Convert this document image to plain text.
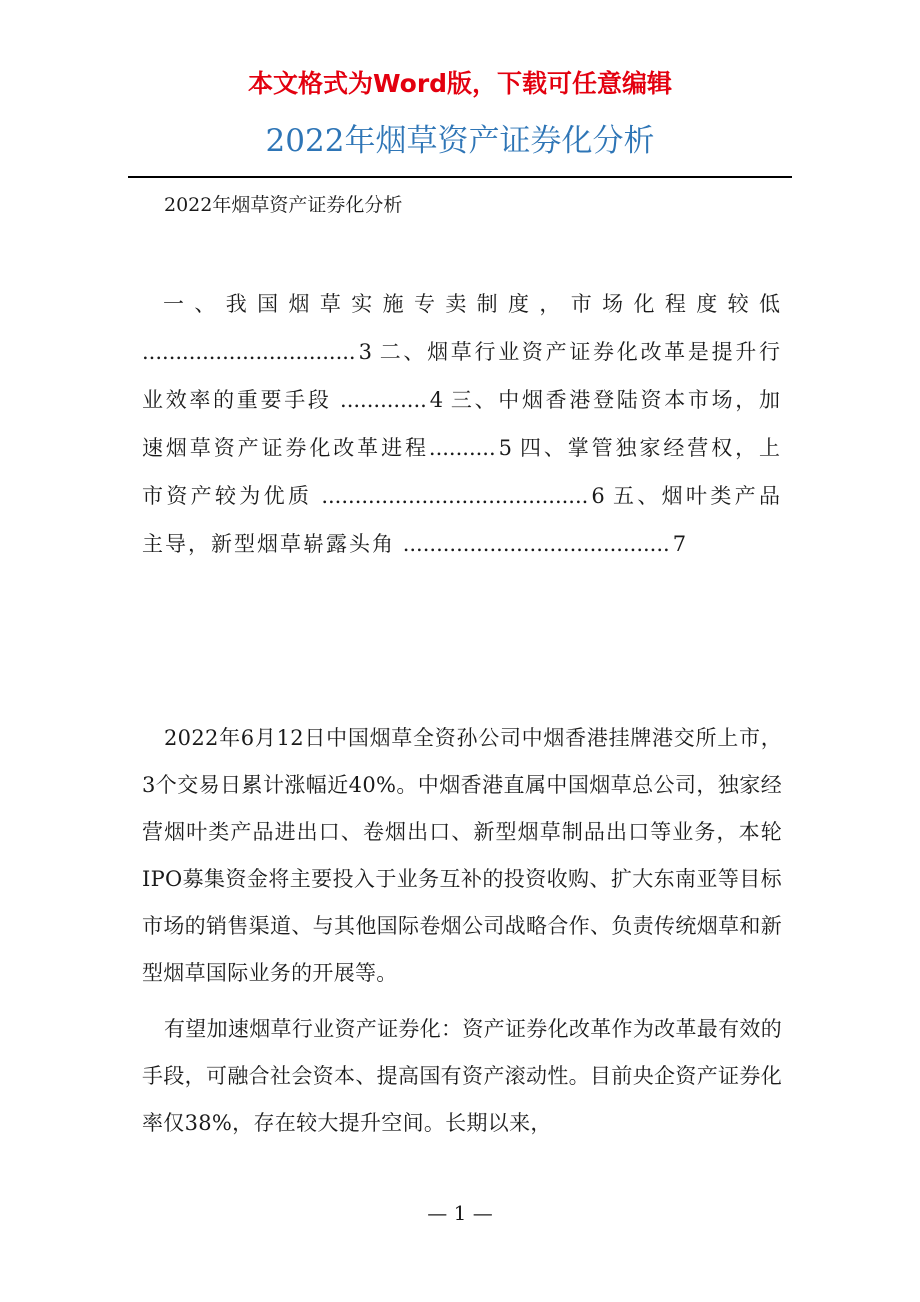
本文格式为Word版，下载可任意编辑
2022年烟草资产证券化分析
2022年烟草资产证券化分析
一、我国烟草实施专卖制度，市场化程度较低 ................................ 3 二、烟草行业资产证券化改革是提升行业效率的重要手段 ............. 4 三、中烟香港登陆资本市场，加速烟草资产证券化改革进程.......... 5 四、掌管独家经营权，上市资产较为优质 ........................................ 6 五、烟叶类产品主导，新型烟草崭露头角 ........................................ 7

2022年6月12日中国烟草全资孙公司中烟香港挂牌港交所上市，3个交易日累计涨幅近40%。中烟香港直属中国烟草总公司，独家经营烟叶类产品进出口、卷烟出口、新型烟草制品出口等业务，本轮IPO募集资金将主要投入于业务互补的投资收购、扩大东南亚等目标市场的销售渠道、与其他国际卷烟公司战略合作、负责传统烟草和新型烟草国际业务的开展等。

有望加速烟草行业资产证券化：资产证券化改革作为改革最有效的手段，可融合社会资本、提高国有资产滚动性。目前央企资产证券化率仅38%，存在较大提升空间。长期以来，

— 1 —
